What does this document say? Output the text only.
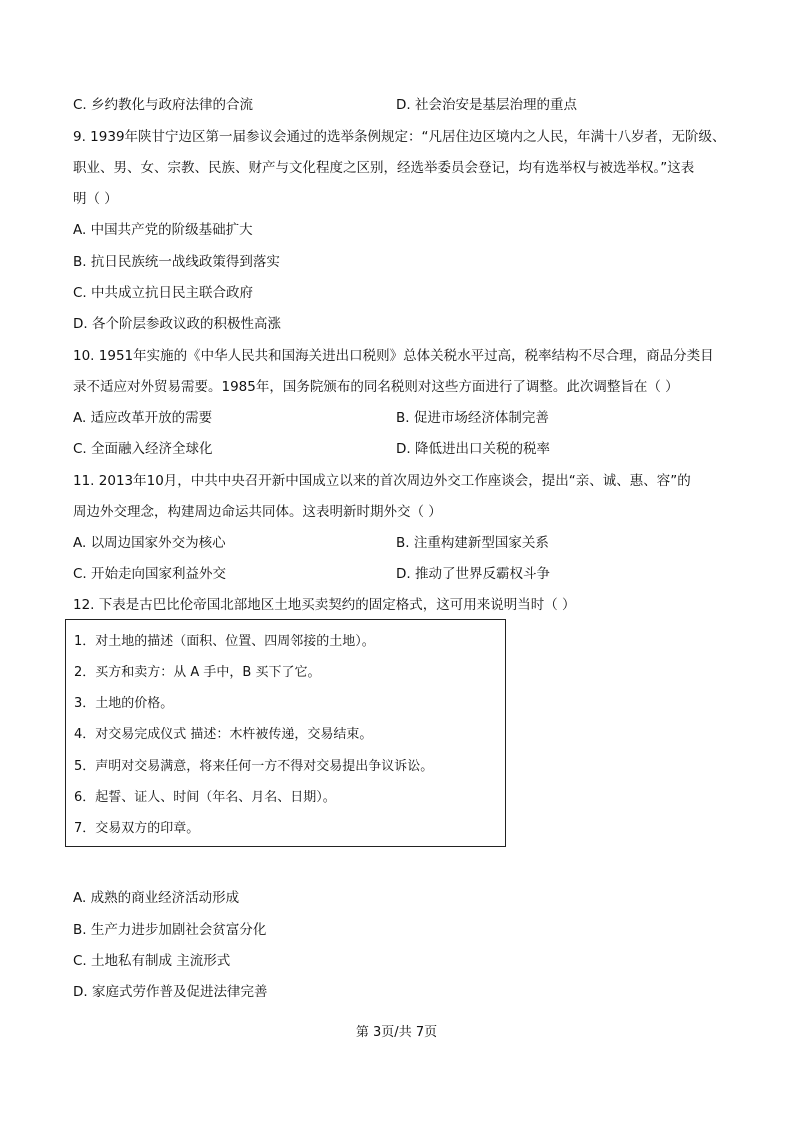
C. 乡约教化与政府法律的合流	D. 社会治安是基层治理的重点
9. 1939年陕甘宁边区第一届参议会通过的选举条例规定：“凡居住边区境内之人民，年满十八岁者，无阶级、
职业、男、女、宗教、民族、财产与文化程度之区别，经选举委员会登记，均有选举权与被选举权。”这表
明（ ）
A. 中国共产党的阶级基础扩大
B. 抗日民族统一战线政策得到落实
C. 中共成立抗日民主联合政府
D. 各个阶层参政议政的积极性高涨
10. 1951年实施的《中华人民共和国海关进出口税则》总体关税水平过高，税率结构不尽合理，商品分类目
录不适应对外贸易需要。1985年，国务院颁布的同名税则对这些方面进行了调整。此次调整旨在（ ）
A. 适应改革开放的需要	B. 促进市场经济体制完善
C. 全面融入经济全球化	D. 降低进出口关税的税率
11. 2013年10月，中共中央召开新中国成立以来的首次周边外交工作座谈会，提出“亲、诚、惠、容”的
周边外交理念，构建周边命运共同体。这表明新时期外交（ ）
A. 以周边国家外交为核心	B. 注重构建新型国家关系
C. 开始走向国家利益外交	D. 推动了世界反霸权斗争
12. 下表是古巴比伦帝国北部地区土地买卖契约的固定格式，这可用来说明当时（ ）
1．对土地的描述（面积、位置、四周邻接的土地）。
2．买方和卖方：从 A 手中，B 买下了它。
3．土地的价格。
4．对交易完成仪式 描述：木杵被传递，交易结束。
5．声明对交易满意，将来任何一方不得对交易提出争议诉讼。
6．起誓、证人、时间（年名、月名、日期）。
7．交易双方的印章。
A. 成熟的商业经济活动形成
B. 生产力进步加剧社会贫富分化
C. 土地私有制成 主流形式
D. 家庭式劳作普及促进法律完善
第 3页/共 7页
